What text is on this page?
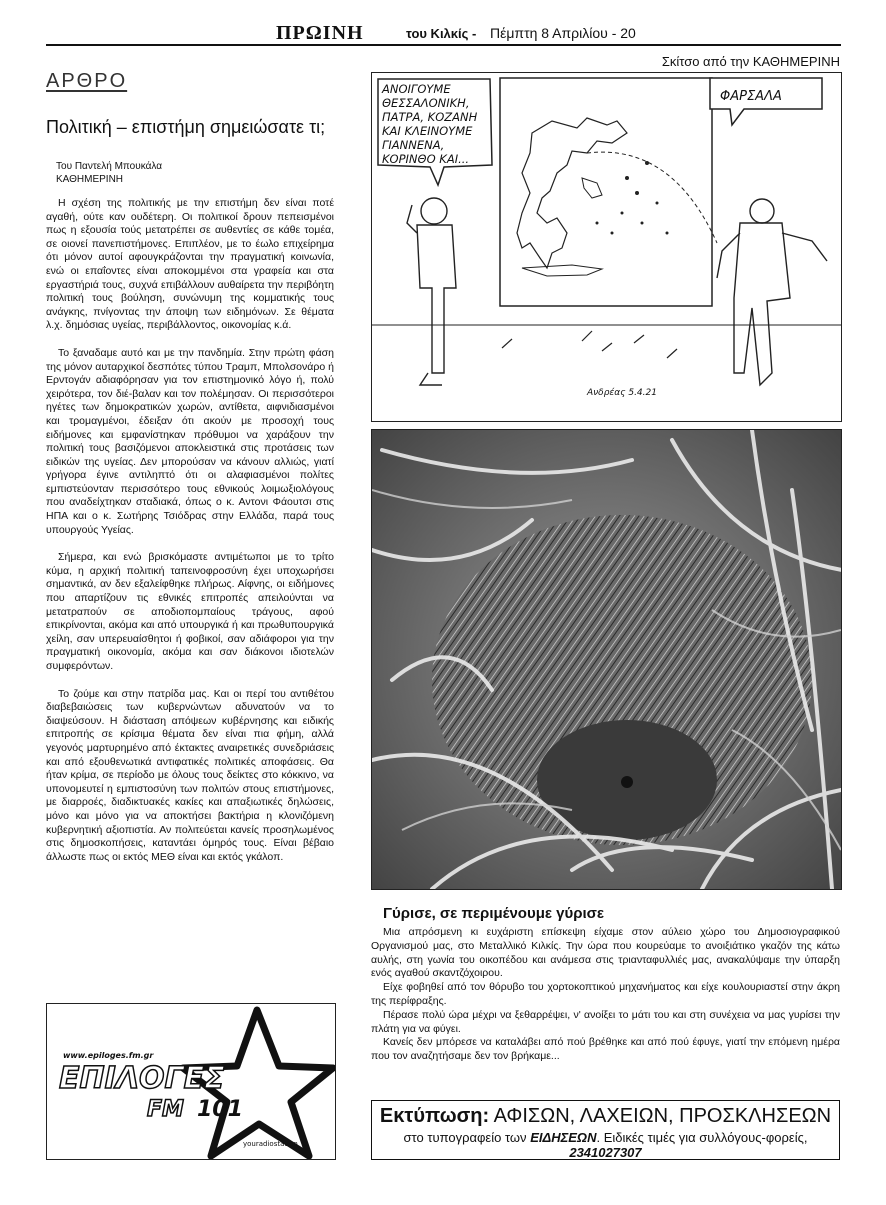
ΠΡΩΙΝΗ	του Κιλκίς - Πέμπτη 8 Απριλίου - 20
Σκίτσο από την ΚΑΘΗΜΕΡΙΝΗ
ΑΡΘΡΟ
Πολιτική – επιστήμη σημειώσατε τι;
Του Παντελή Μπουκάλα
ΚΑΘΗΜΕΡΙΝΗ

Η σχέση της πολιτικής με την επιστήμη δεν είναι ποτέ αγαθή, ούτε καν ουδέτερη. Οι πολιτικοί δρουν πεπεισμένοι πως η εξουσία τούς μετατρέπει σε αυθεντίες σε κάθε τομέα, σε οιονεί πανεπιστήμονες. Επιπλέον, με το έωλο επιχείρημα ότι μόνον αυτοί αφουγκράζονται την πραγματική κοινωνία, ενώ οι επαΐοντες είναι αποκομμένοι στα γραφεία και στα εργαστήριά τους, συχνά επιβάλλουν αυθαίρετα την περιβόητη πολιτική τους βούληση, συνώνυμη της κομματικής τους ανάγκης, πνίγοντας την άποψη των ειδημόνων. Σε θέματα λ.χ. δημόσιας υγείας, περιβάλλοντος, οικονομίας κ.ά.

Το ξαναδαμε αυτό και με την πανδημία. Στην πρώτη φάση της μόνον αυταρχικοί δεσπότες τύπου Τραμπ, Μπολσονάρο ή Ερντογάν αδιαφόρησαν για τον επιστημονικό λόγο ή, πολύ χειρότερα, τον διέ-βαλαν και τον πολέμησαν. Οι περισσότεροι ηγέτες των δημοκρατικών χωρών, αντίθετα, αιφνιδιασμένοι και τρομαγμένοι, έδειξαν ότι ακούν με προσοχή τους ειδήμονες και εμφανίστηκαν πρόθυμοι να χαράξουν την πολιτική τους βασιζόμενοι αποκλειστικά στις προτάσεις των ειδικών της υγείας. Δεν μπορούσαν να κάνουν αλλιώς, γιατί γρήγορα έγινε αντιληπτό ότι οι αλαφιασμένοι πολίτες εμπιστεύονταν περισσότερο τους εθνικούς λοιμωξιολόγους που αναδείχτηκαν σταδιακά, όπως ο κ. Αντονι Φάουτσι στις ΗΠΑ και ο κ. Σωτήρης Τσιόδρας στην Ελλάδα, παρά τους υπουργούς Υγείας.

Σήμερα, και ενώ βρισκόμαστε αντιμέτωποι με το τρίτο κύμα, η αρχική πολιτική ταπεινοφροσύνη έχει υποχωρήσει σημαντικά, αν δεν εξαλείφθηκε πλήρως. Αίφνης, οι ειδήμονες που απαρτίζουν τις εθνικές επιτροπές απειλούνται να μετατραπούν σε αποδιοπομπαίους τράγους, αφού επικρίνονται, ακόμα και από υπουργικά ή και πρωθυπουργικά χείλη, σαν υπερευαίσθητοι ή φοβικοί, σαν αδιάφοροι για την πραγματική οικονομία, ακόμα και σαν διάκονοι ιδιοτελών συμφερόντων.

Το ζούμε και στην πατρίδα μας. Και οι περί του αντιθέτου διαβεβαιώσεις των κυβερνώντων αδυνατούν να το διαψεύσουν. Η διάσταση απόψεων κυβέρνησης και ειδικής επιτροπής σε κρίσιμα θέματα δεν είναι πια φήμη, αλλά γεγονός μαρτυρημένο από έκτακτες αναιρετικές συνεδριάσεις και από εξουθενωτικά αντιφατικές πολιτικές αποφάσεις. Θα ήταν κρίμα, σε περίοδο με όλους τους δείκτες στο κόκκινο, να υπονομευτεί η εμπιστοσύνη των πολιτών στους επιστήμονες, με διαρροές, διαδικτυακές κακίες και απαξιωτικές δηλώσεις, μόνο και μόνο για να αποκτήσει βακτήρια η κλονιζόμενη κυβερνητική αξιοπιστία. Αν πολιτεύεται κανείς προσηλωμένος στις δημοσκοπήσεις, καταντάει όμηρός τους. Είναι βέβαιο άλλωστε πως οι εκτός ΜΕΘ είναι και εκτός γκάλοπ.

ΑΝΟΙΓΟΥΜΕ ΘΕΣΣΑΛΟΝΙΚΗ, ΠΑΤΡΑ, ΚΟΖΑΝΗ ΚΑΙ ΚΛΕΙΝΟΥΜΕ ΓΙΑΝΝΕΝΑ, ΚΟΡΙΝΘΟ ΚΑΙ...
ΦΑΡΣΑΛΑ
Ανδρέας 5.4.21
Γύρισε, σε περιμένουμε γύρισε

Μια απρόσμενη κι ευχάριστη επίσκεψη είχαμε στον αύλειο χώρο του Δημοσιογραφικού Οργανισμού μας, στο Μεταλλικό Κιλκίς. Την ώρα που κουρεύαμε το ανοιξιάτικο γκαζόν της κάτω αυλής, στη γωνία του οικοπέδου και ανάμεσα στις τριανταφυλλιές μας, ανακαλύψαμε την ύπαρξη ενός αγαθού σκαντζόχοιρου.

Είχε φοβηθεί από τον θόρυβο του χορτοκοπτικού μηχανήματος και είχε κουλουριαστεί στην άκρη της περίφραξης.

Πέρασε πολύ ώρα μέχρι να ξεθαρρέψει, ν' ανοίξει το μάτι του και στη συνέχεια να μας γυρίσει την πλάτη για να φύγει.

Κανείς δεν μπόρεσε να καταλάβει από πού βρέθηκε και από πού έφυγε, γιατί την επόμενη ημέρα που τον αναζητήσαμε δεν τον βρήκαμε...

www.epiloges.fm.gr
ΕΠΙΛΟΓΕΣ
FM 101
youradiostation
Εκτύπωση: ΑΦΙΣΩΝ, ΛΑΧΕΙΩΝ, ΠΡΟΣΚΛΗΣΕΩΝ
στο τυπογραφείο των ΕΙΔΗΣΕΩΝ. Ειδικές τιμές για συλλόγους-φορείς, 2341027307
